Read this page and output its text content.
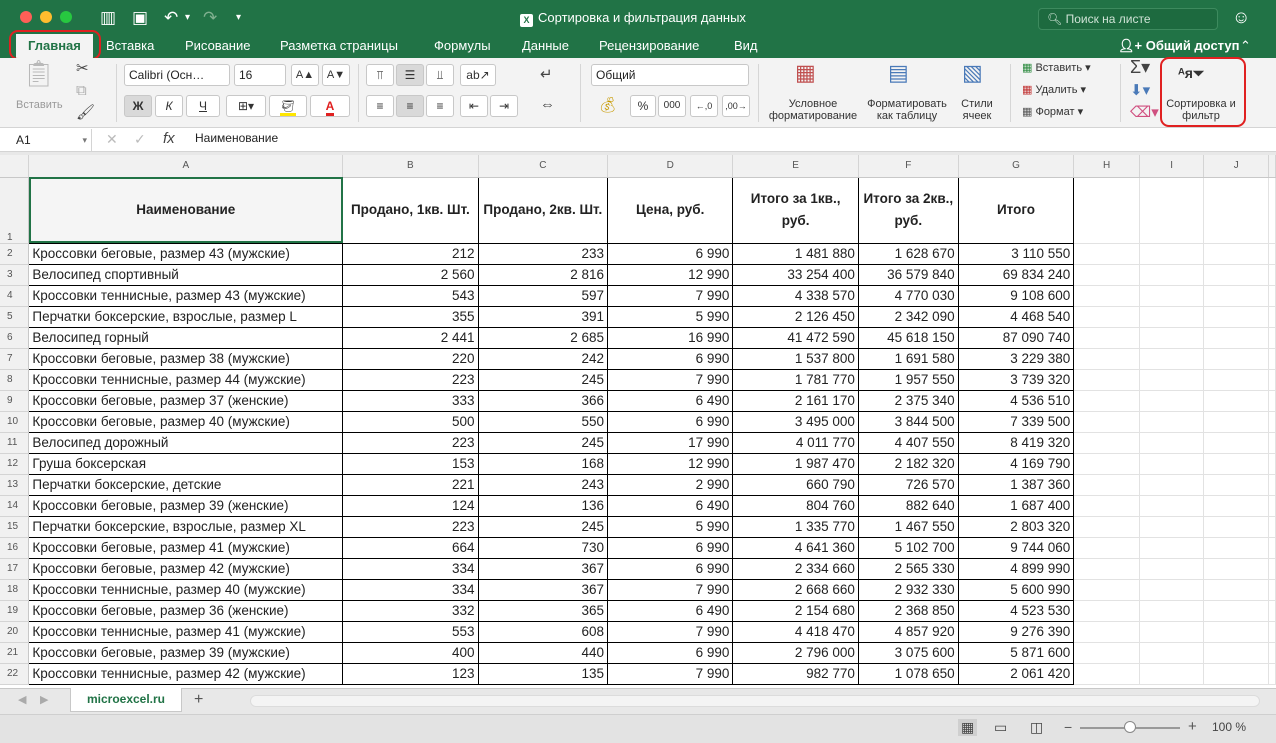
▥ ▣ ↶ ▾ ↷ ▾	X Сортировка и фильтрация данных	🔍︎ Поиск на листе	☺
Главная	Вставка Рисование Разметка страницы	Формулы Данные Рецензирование	Вид	👤︎+ Общий доступ ⌃
📋︎
Вставить
✂
⧉
🖌︎
Calibri (Осн…	16	A▲	A▼
Ж	К	Ч	⊞▾	🪣︎	A
⫪	☰	⫫	ab↗
≡	≡	≡	⇤	⇥
↵
⇔
Общий
💰︎	%	000	←,0	,00→
▦
Условное форматирование
▤
Форматировать как таблицу
▧
Стили ячеек
▦ Вставить ▾
▦ Удалить ▾
▦ Формат ▾
Σ▾
⬇▾
⌫▾
ᴬᴙ⏷
Сортировка и фильтр
A1	▾ ✕ ✓ fx Наименование
	A	B	C	D	E	F	G	H	I	J	
1	Наименование	Продано, 1кв. Шт.	Продано, 2кв. Шт.	Цена, руб.	Итого за 1кв., руб.	Итого за 2кв., руб.	Итого				
2	Кроссовки беговые, размер 43 (мужские)	212	233	6 990	1 481 880	1 628 670	3 110 550				
3	Велосипед спортивный	2 560	2 816	12 990	33 254 400	36 579 840	69 834 240				
4	Кроссовки теннисные, размер 43 (мужские)	543	597	7 990	4 338 570	4 770 030	9 108 600				
5	Перчатки боксерские, взрослые, размер L	355	391	5 990	2 126 450	2 342 090	4 468 540				
6	Велосипед горный	2 441	2 685	16 990	41 472 590	45 618 150	87 090 740				
7	Кроссовки беговые, размер 38 (мужские)	220	242	6 990	1 537 800	1 691 580	3 229 380				
8	Кроссовки теннисные, размер 44 (мужские)	223	245	7 990	1 781 770	1 957 550	3 739 320				
9	Кроссовки беговые, размер 37 (женские)	333	366	6 490	2 161 170	2 375 340	4 536 510				
10	Кроссовки беговые, размер 40 (мужские)	500	550	6 990	3 495 000	3 844 500	7 339 500				
11	Велосипед дорожный	223	245	17 990	4 011 770	4 407 550	8 419 320				
12	Груша боксерская	153	168	12 990	1 987 470	2 182 320	4 169 790				
13	Перчатки боксерские, детские	221	243	2 990	660 790	726 570	1 387 360				
14	Кроссовки беговые, размер 39 (женские)	124	136	6 490	804 760	882 640	1 687 400				
15	Перчатки боксерские, взрослые, размер XL	223	245	5 990	1 335 770	1 467 550	2 803 320				
16	Кроссовки беговые, размер 41 (мужские)	664	730	6 990	4 641 360	5 102 700	9 744 060				
17	Кроссовки беговые, размер 42 (мужские)	334	367	6 990	2 334 660	2 565 330	4 899 990				
18	Кроссовки теннисные, размер 40 (мужские)	334	367	7 990	2 668 660	2 932 330	5 600 990				
19	Кроссовки беговые, размер 36 (женские)	332	365	6 490	2 154 680	2 368 850	4 523 530				
20	Кроссовки теннисные, размер 41 (мужские)	553	608	7 990	4 418 470	4 857 920	9 276 390				
21	Кроссовки беговые, размер 39 (мужские)	400	440	6 990	2 796 000	3 075 600	5 871 600				
22	Кроссовки теннисные, размер 42 (мужские)	123	135	7 990	982 770	1 078 650	2 061 420				
◀ ▶	microexcel.ru	+
▦ ▭ ◫ −	+ 100 %
